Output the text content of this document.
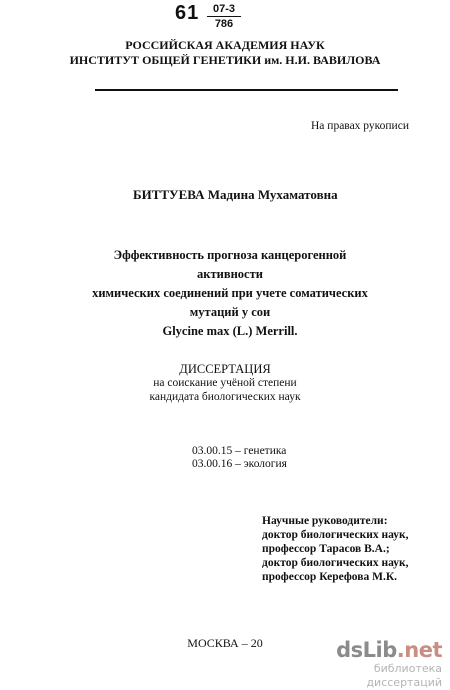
61	07-3
786
РОССИЙСКАЯ АКАДЕМИЯ НАУК
ИНСТИТУТ ОБЩЕЙ ГЕНЕТИКИ им. Н.И. ВАВИЛОВА
На правах рукописи
БИТТУЕВА Мадина Мухаматовна
Эффективность прогноза канцерогенной активности
химических соединений при учете соматических мутаций у сои
Glycine max (L.) Merrill.
ДИССЕРТАЦИЯ
на соискание учёной степени
кандидата биологических наук
03.00.15 – генетика
03.00.16 – экология
Научные руководители:
доктор биологических наук,
профессор Тарасов В.А.;
доктор биологических наук,
профессор Керефова М.К.
МОСКВА – 20	dsLib.net
библиотека диссертаций
